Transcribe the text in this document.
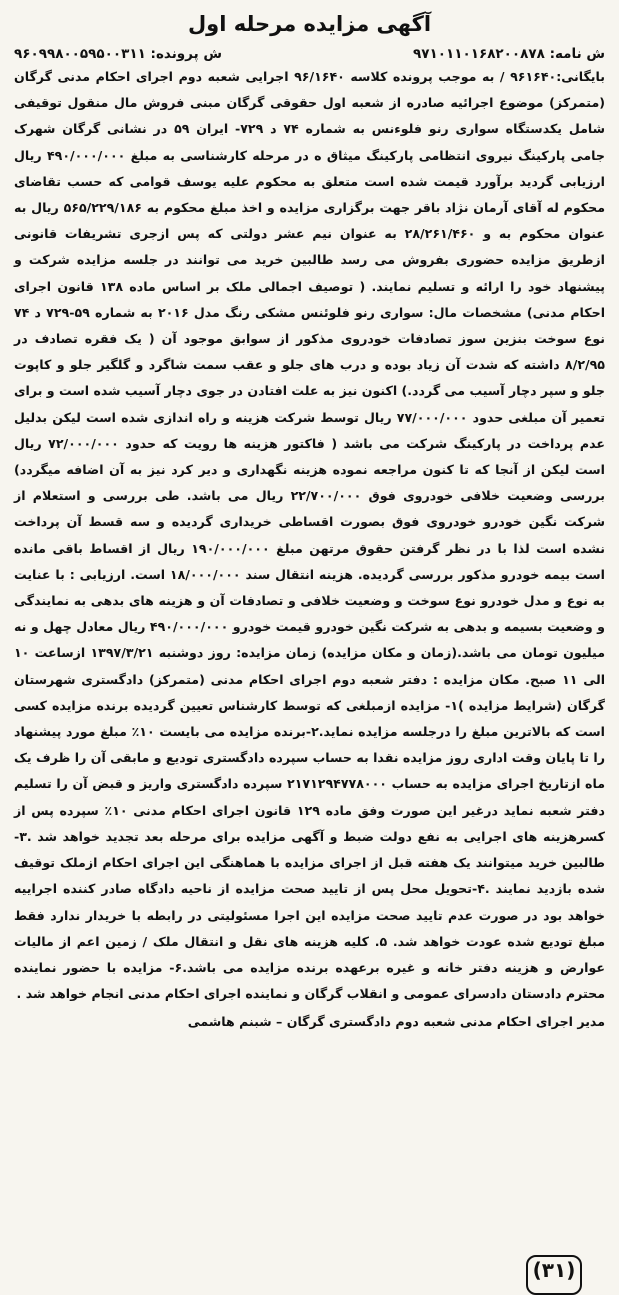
آگهی مزایده مرحله اول
ش نامه: ۹۷۱۰۱۱۰۱۶۸۲۰۰۸۷۸
ش پرونده: ۹۶۰۹۹۸۰۰۵۹۵۰۰۳۱۱
بایگانی:۹۶۱۶۴۰ / به موجب پرونده کلاسه ۹۶/۱۶۴۰ اجرایی شعبه دوم اجرای احکام مدنی گرگان (متمرکز) موضوع اجرائیه صادره از شعبه اول حقوقی گرگان مبنی فروش مال منقول توقیفی شامل یکدستگاه سواری رنو فلوءنس به شماره ۷۴ د ۷۲۹- ایران ۵۹ در نشانی گرگان شهرک جامی پارکینگ نیروی انتظامی پارکینگ میثاق ه در مرحله کارشناسی به مبلغ ۴۹۰/۰۰۰/۰۰۰ ریال ارزیابی گردید برآورد قیمت شده است متعلق به محکوم علیه یوسف قوامی که حسب تقاضای محکوم له آقای آرمان نژاد باقر جهت برگزاری مزایده و اخذ مبلغ محکوم به ۵۶۵/۲۲۹/۱۸۶ ریال به عنوان محکوم به و ۲۸/۲۶۱/۴۶۰ به عنوان نیم عشر دولتی که پس ازجری تشریفات قانونی ازطریق مزایده حضوری بفروش می رسد طالبین خرید می توانند در جلسه مزایده شرکت و پیشنهاد خود را ارائه و تسلیم نمایند. ( توصیف اجمالی ملک بر اساس ماده ۱۳۸ قانون اجرای احکام مدنی) مشخصات مال: سواری رنو فلوئنس مشکی رنگ مدل ۲۰۱۶ به شماره ۵۹-۷۲۹ د ۷۴ نوع سوخت بنزین سوز تصادفات خودروی مذکور از سوابق موجود آن ( یک فقره تصادف در ۸/۲/۹۵ داشته که شدت آن زیاد بوده و درب های جلو و عقب سمت شاگرد و گلگیر جلو و کاپوت جلو و سپر دچار آسیب می گردد.) اکنون نیز به علت افتادن در جوی دچار آسیب شده است و برای تعمیر آن مبلغی حدود ۷۷/۰۰۰/۰۰۰ ریال توسط شرکت هزینه و راه اندازی شده است لیکن بدلیل عدم پرداخت در پارکینگ شرکت می باشد ( فاکتور هزینه ها رویت که حدود ۷۲/۰۰۰/۰۰۰ ریال است لیکن از آنجا که تا کنون مراجعه نموده هزینه نگهداری و دیر کرد نیز به آن اضافه میگردد) بررسی وضعیت خلافی خودروی فوق ۲۲/۷۰۰/۰۰۰ ریال می باشد. طی بررسی و استعلام از شرکت نگین خودرو خودروی فوق بصورت اقساطی خریداری گردیده و سه قسط آن پرداخت نشده است لذا با در نظر گرفتن حقوق مرتهن مبلغ ۱۹۰/۰۰۰/۰۰۰ ریال از اقساط باقی مانده است بیمه خودرو مذکور بررسی گردیده. هزینه انتقال سند ۱۸/۰۰۰/۰۰۰ است. ارزیابی : با عنایت به نوع و مدل خودرو نوع سوخت و وضعیت خلافی و تصادفات آن و هزینه های بدهی به نمایندگی و وضعیت بسیمه و بدهی به شرکت نگین خودرو قیمت خودرو ۴۹۰/۰۰۰/۰۰۰ ریال معادل چهل و نه میلیون تومان می باشد.(زمان و مکان مزایده) زمان مزایده: روز دوشنبه ۱۳۹۷/۳/۲۱ ازساعت ۱۰ الی ۱۱ صبح. مکان مزایده : دفتر شعبه دوم اجرای احکام مدنی (متمرکز) دادگستری شهرستان گرگان (شرایط مزایده )۱- مزایده ازمبلغی که توسط کارشناس تعیین گردیده برنده مزایده کسی است که بالاترین مبلغ را درجلسه مزایده نماید.۲-برنده مزایده می بایست ۱۰٪ مبلغ مورد پیشنهاد را تا پایان وقت اداری روز مزایده نقدا به حساب سپرده دادگستری تودیع و مابقی آن را ظرف یک ماه ازتاریخ اجرای مزایده به حساب ۲۱۷۱۲۹۴۷۷۸۰۰۰ سپرده دادگستری واریز و قبض آن را تسلیم دفتر شعبه نماید درغیر این صورت وفق ماده ۱۲۹ قانون اجرای احکام مدنی ۱۰٪ سپرده پس از کسرهزینه های اجرایی به نفع دولت ضبط و آگهی مزایده برای مرحله بعد تجدید خواهد شد .۳-طالبین خرید میتوانند یک هفته قبل از اجرای مزایده با هماهنگی این اجرای احکام ازملک توقیف شده بازدید نمایند .۴-تحویل محل پس از تایید صحت مزایده از ناحیه دادگاه صادر کننده اجراییه خواهد بود در صورت عدم تایید صحت مزایده این اجرا مسئولیتی در رابطه با خریدار ندارد فقط مبلغ تودیع شده عودت خواهد شد. ۵. کلیه هزینه های نقل و انتقال ملک / زمین اعم از مالیات عوارض و هزینه دفتر خانه و غیره برعهده برنده مزایده می باشد.۶- مزایده با حضور نماینده محترم دادستان دادسرای عمومی و انقلاب گرگان و نماینده اجرای احکام مدنی انجام خواهد شد .
مدیر اجرای احکام مدنی شعبه دوم دادگستری گرگان – شبنم هاشمی
(۳۱)
